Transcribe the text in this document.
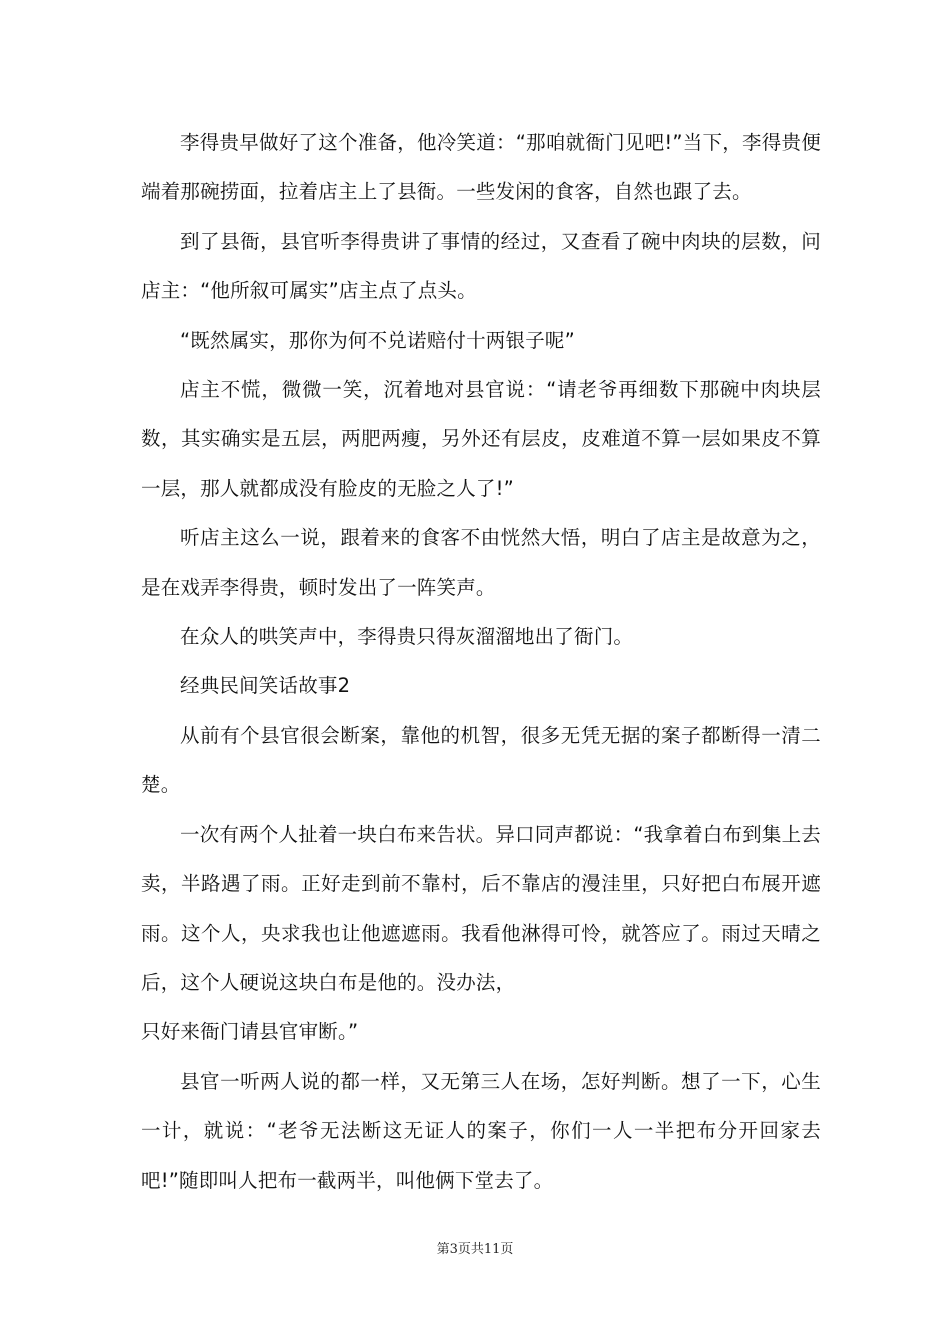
李得贵早做好了这个准备，他冷笑道：“那咱就衙门见吧!”当下，李得贵便端着那碗捞面，拉着店主上了县衙。一些发闲的食客，自然也跟了去。

到了县衙，县官听李得贵讲了事情的经过，又查看了碗中肉块的层数，问店主：“他所叙可属实”店主点了点头。

“既然属实，那你为何不兑诺赔付十两银子呢”

店主不慌，微微一笑，沉着地对县官说：“请老爷再细数下那碗中肉块层数，其实确实是五层，两肥两瘦，另外还有层皮，皮难道不算一层如果皮不算一层，那人就都成没有脸皮的无脸之人了!”

听店主这么一说，跟着来的食客不由恍然大悟，明白了店主是故意为之，是在戏弄李得贵，顿时发出了一阵笑声。

在众人的哄笑声中，李得贵只得灰溜溜地出了衙门。

经典民间笑话故事2

从前有个县官很会断案，靠他的机智，很多无凭无据的案子都断得一清二楚。

一次有两个人扯着一块白布来告状。异口同声都说：“我拿着白布到集上去卖，半路遇了雨。正好走到前不靠村，后不靠店的漫洼里，只好把白布展开遮雨。这个人，央求我也让他遮遮雨。我看他淋得可怜，就答应了。雨过天晴之后，这个人硬说这块白布是他的。没办法，

只好来衙门请县官审断。”

县官一听两人说的都一样，又无第三人在场，怎好判断。想了一下，心生一计，就说：“老爷无法断这无证人的案子，你们一人一半把布分开回家去吧!”随即叫人把布一截两半，叫他俩下堂去了。

第3页共11页
